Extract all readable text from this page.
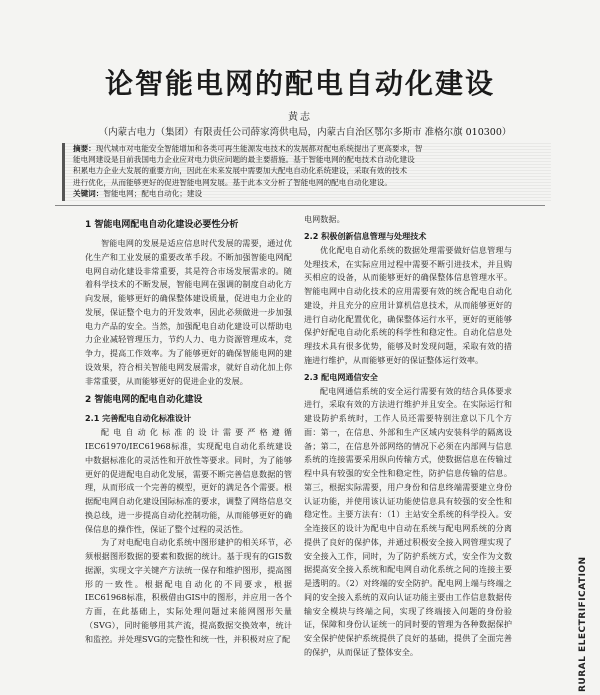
论智能电网的配电自动化建设

黄志

（内蒙古电力（集团）有限责任公司薛家湾供电局，内蒙古自治区鄂尔多斯市 准格尔旗 010300）

摘要：现代城市对电能安全智能增加和各类可再生能源发电技术的发展都对配电系统提出了更高要求，智

能电网建设是目前我国电力企业应对电力供应问题的最主要措施。基于智能电网的配电技术自动化建设

积累电力企业大发展的重要方向，因此在未来发展中需要加大配电自动化系统建设，采取有效的技术

进行优化，从而能够更好的促进智能电网发展。基于此本文分析了智能电网的配电自动化建设。

关键词：智能电网；配电自动化；建设

1 智能电网配电自动化建设必要性分析

智能电网的发展是适应信息时代发展的需要，通过优化生产和工业发展的重要改革手段。不断加强智能电网配电网自动化建设非常重要，其是符合市场发展需求的。随着科学技术的不断发展，智能电网在强调的制度自动化方向发展，能够更好的确保整体建设质量，促进电力企业的发展，保证整个电力的开发效率，因此必须做进一步加强电力产品的安全。当然，加强配电自动化建设可以帮助电力企业减轻管理压力，节约人力、电力资源管理成本，竞争力，提高工作效率。为了能够更好的确保智能电网的建设效果，符合相关智能电网发展需求，就好自动化加上你非常重要，从而能够更好的促进企业的发展。

2 智能电网的配电自动化建设
2.1 完善配电自动化标准设计

配电自动化标准的设计需要严格遵循IEC61970/IEC61968标准，实现配电自动化系统建设中数据标准化的灵活性和开放性等要求。同时，为了能够更好的促进配电自动化发展，需要不断完善信息数据的管理，从而形成一个完善的模型，更好的满足各个需要。根据配电网自动化建设国际标准的要求，调整了网络信息交换总线，进一步提高自动化控制功能，从而能够更好的确保信息的操作性，保证了整个过程的灵活性。

为了对电配电自动化系统中图形建护的相关环节，必须根据图形数据的要素和数据的统计。基于现有的GIS数据源，实现文字关键产方法统一保存和维护图形，提高图形的一致性。根据配电自动化的不同要求，根据IEC61968标准，积极借由GIS中的图形，并应用一各个方面，在此基础上，实际处理问题过来能网图形矢量（SVG），同时能够用其产流，提高数据交换效率，统计和监控。并处理SVG的完整性和统一性，并积极对应了配

电网数据。

2.2 积极创新信息管理与处理技术

优化配电自动化系统的数据处理需要做好信息管理与处理技术，在实际应用过程中需要不断引进技术，并且购买相应的设备，从而能够更好的确保整体信息管理水平。智能电网中自动化技术的应用需要有效的统合配电自动化建设，并且充分的应用计算机信息技术，从而能够更好的进行自动化配置优化，确保整体运行水平，更好的更能够保护好配电自动化系统的科学性和稳定性。自动化信息处理技术具有很多优势，能够及时发现问题，采取有效的措施进行维护，从而能够更好的保证整体运行效率。

2.3 配电网通信安全

配电网通信系统的安全运行需要有效的结合具体要求进行，采取有效的方法进行维护并且安全。在实际运行和建设防护系统时，工作人员还需要特别注意以下几个方面：第一，在信息、外部和生产区域内安装科学的隔离设备；第二，在信息外部网络的情况下必须在内部网与信息系统的连接需要采用纵向传输方式，使数据信息在传输过程中具有较强的安全性和稳定性，防护信息传输的信息。第三，根据实际需要，用户身份和信息终端需要建立身份认证功能，并使用该认证功能使信息具有较强的安全性和稳定性。主要方法有：（1）主站安全系统的科学投入。安全连接区的设计为配电中自动在系统与配电网系统的分离提供了良好的保护体，并通过积极安全接入网管理实现了安全接入工作，同时，为了防护系统方式，安全作为文数据提高安全接入系统和配电网自动化系统之间的连接主要是透明的。（2）对终端的安全防护。配电网上端与终端之间的安全接入系统的双向认证功能主要由工作信息数据传输安全模块与终端之间，实现了终端接入问题的身份验证，保障和身份认证统一的同时要的管理为各种数据保护安全保护使保护系统提供了良好的基础，提供了全面完善的保护，从而保证了整体安全。	RURAL ELECTRIFICATION
